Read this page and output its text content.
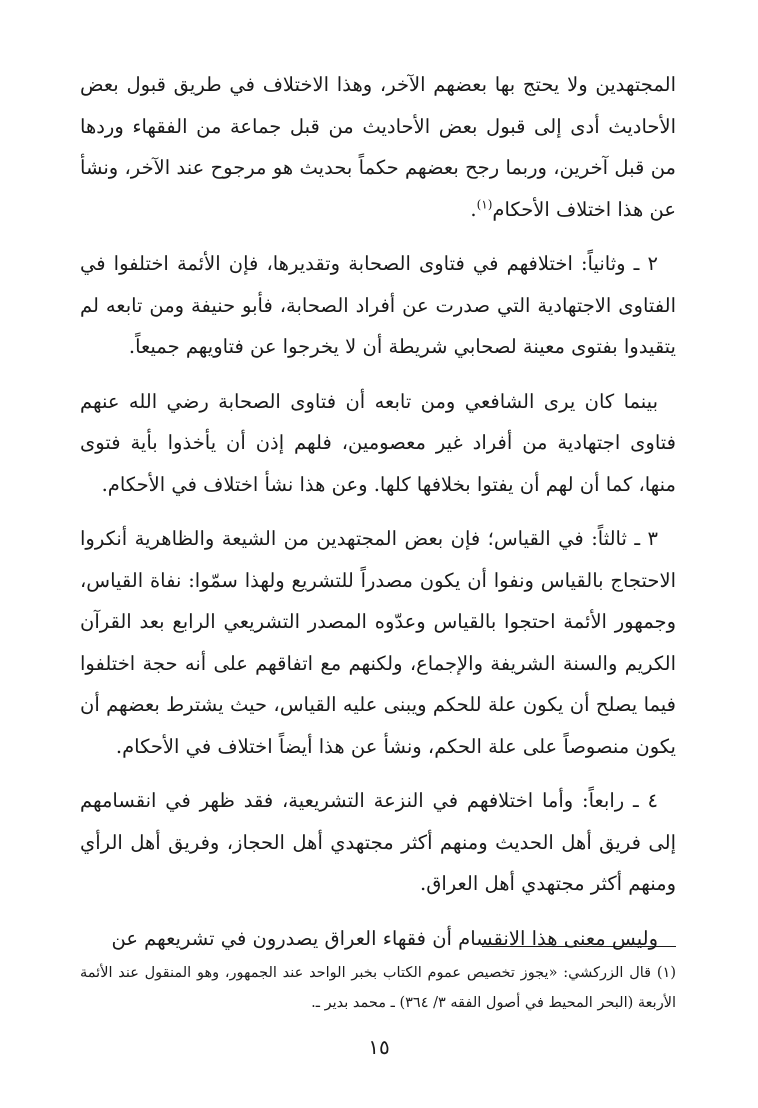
المجتهدين ولا يحتج بها بعضهم الآخر، وهذا الاختلاف في طريق قبول بعض الأحاديث أدى إلى قبول بعض الأحاديث من قبل جماعة من الفقهاء وردها من قبل آخرين، وربما رجح بعضهم حكماً بحديث هو مرجوح عند الآخر، ونشأ عن هذا اختلاف الأحكام$^{(١)}$.

٢ ـ وثانياً: اختلافهم في فتاوى الصحابة وتقديرها، فإن الأئمة اختلفوا في الفتاوى الاجتهادية التي صدرت عن أفراد الصحابة، فأبو حنيفة ومن تابعه لم يتقيدوا بفتوى معينة لصحابي شريطة أن لا يخرجوا عن فتاويهم جميعاً.

بينما كان يرى الشافعي ومن تابعه أن فتاوى الصحابة رضي الله عنهم فتاوى اجتهادية من أفراد غير معصومين، فلهم إذن أن يأخذوا بأية فتوى منها، كما أن لهم أن يفتوا بخلافها كلها. وعن هذا نشأ اختلاف في الأحكام.

٣ ـ ثالثاً: في القياس؛ فإن بعض المجتهدين من الشيعة والظاهرية أنكروا الاحتجاج بالقياس ونفوا أن يكون مصدراً للتشريع ولهذا سمّوا: نفاة القياس، وجمهور الأئمة احتجوا بالقياس وعدّوه المصدر التشريعي الرابع بعد القرآن الكريم والسنة الشريفة والإجماع، ولكنهم مع اتفاقهم على أنه حجة اختلفوا فيما يصلح أن يكون علة للحكم ويبنى عليه القياس، حيث يشترط بعضهم أن يكون منصوصاً على علة الحكم، ونشأ عن هذا أيضاً اختلاف في الأحكام.

٤ ـ رابعاً: وأما اختلافهم في النزعة التشريعية، فقد ظهر في انقسامهم إلى فريق أهل الحديث ومنهم أكثر مجتهدي أهل الحجاز، وفريق أهل الرأي ومنهم أكثر مجتهدي أهل العراق.

وليس معنى هذا الانقسام أن فقهاء العراق يصدرون في تشريعهم عن

(١) قال الزركشي: «يجوز تخصيص عموم الكتاب بخبر الواحد عند الجمهور، وهو المنقول عند الأئمة الأربعة (البحر المحيط في أصول الفقه ٣/ ٣٦٤) ـ محمد بدير ـ.

١٥
